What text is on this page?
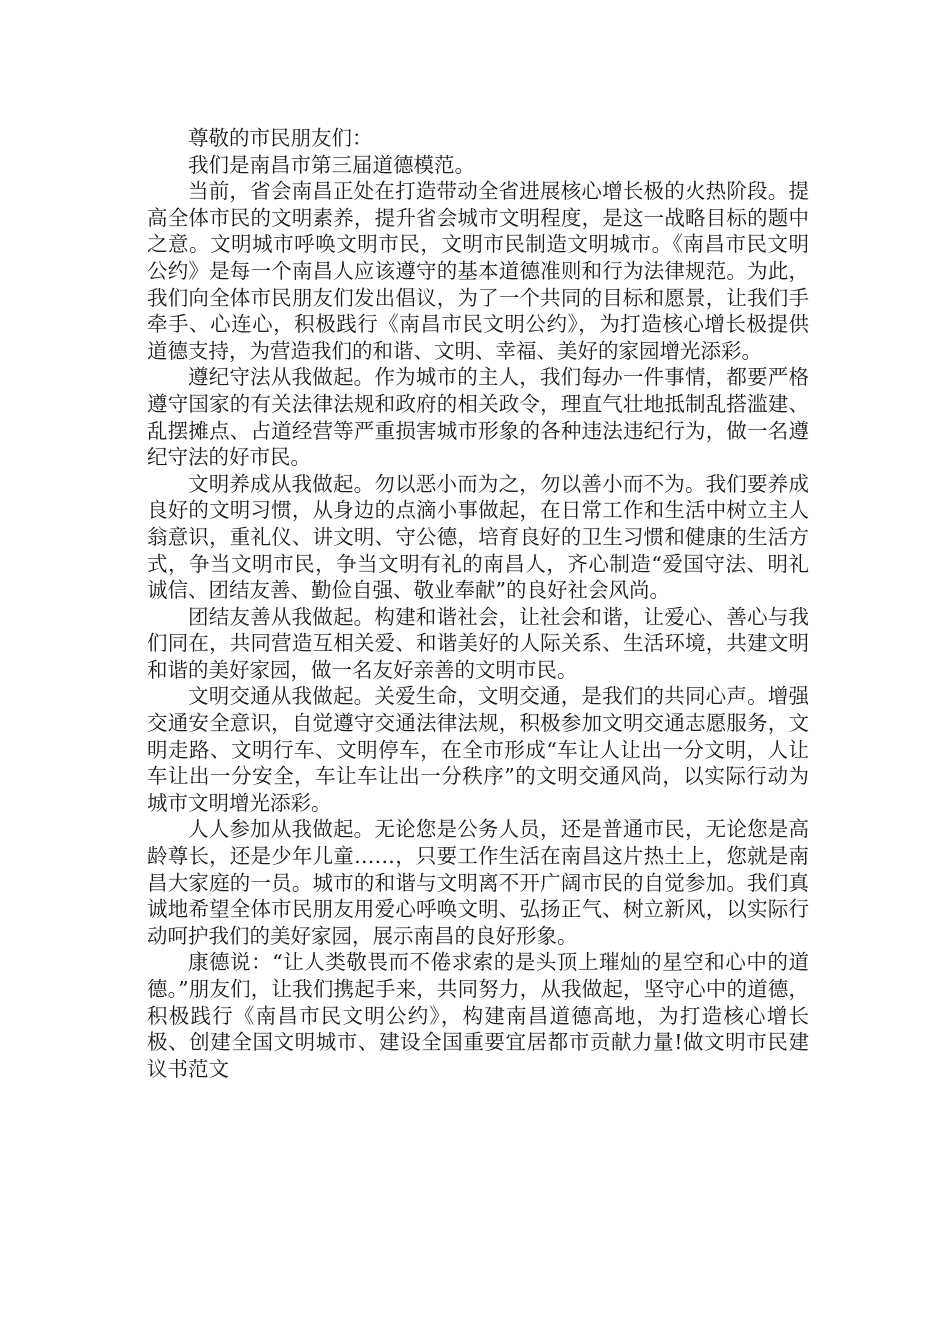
尊敬的市民朋友们：

我们是南昌市第三届道德模范。

当前，省会南昌正处在打造带动全省进展核心增长极的火热阶段。提高全体市民的文明素养，提升省会城市文明程度，是这一战略目标的题中之意。文明城市呼唤文明市民，文明市民制造文明城市。《南昌市民文明公约》是每一个南昌人应该遵守的基本道德准则和行为法律规范。为此，我们向全体市民朋友们发出倡议，为了一个共同的目标和愿景，让我们手牵手、心连心，积极践行《南昌市民文明公约》，为打造核心增长极提供道德支持，为营造我们的和谐、文明、幸福、美好的家园增光添彩。

遵纪守法从我做起。作为城市的主人，我们每办一件事情，都要严格遵守国家的有关法律法规和政府的相关政令，理直气壮地抵制乱搭滥建、乱摆摊点、占道经营等严重损害城市形象的各种违法违纪行为，做一名遵纪守法的好市民。

文明养成从我做起。勿以恶小而为之，勿以善小而不为。我们要养成良好的文明习惯，从身边的点滴小事做起，在日常工作和生活中树立主人翁意识，重礼仪、讲文明、守公德，培育良好的卫生习惯和健康的生活方式，争当文明市民，争当文明有礼的南昌人，齐心制造“爱国守法、明礼诚信、团结友善、勤俭自强、敬业奉献”的良好社会风尚。

团结友善从我做起。构建和谐社会，让社会和谐，让爱心、善心与我们同在，共同营造互相关爱、和谐美好的人际关系、生活环境，共建文明和谐的美好家园，做一名友好亲善的文明市民。

文明交通从我做起。关爱生命，文明交通，是我们的共同心声。增强交通安全意识，自觉遵守交通法律法规，积极参加文明交通志愿服务，文明走路、文明行车、文明停车，在全市形成“车让人让出一分文明，人让车让出一分安全，车让车让出一分秩序”的文明交通风尚，以实际行动为城市文明增光添彩。

人人参加从我做起。无论您是公务人员，还是普通市民，无论您是高龄尊长，还是少年儿童……，只要工作生活在南昌这片热土上，您就是南昌大家庭的一员。城市的和谐与文明离不开广阔市民的自觉参加。我们真诚地希望全体市民朋友用爱心呼唤文明、弘扬正气、树立新风，以实际行动呵护我们的美好家园，展示南昌的良好形象。

康德说：“让人类敬畏而不倦求索的是头顶上璀灿的星空和心中的道德。”朋友们，让我们携起手来，共同努力，从我做起，坚守心中的道德，积极践行《南昌市民文明公约》，构建南昌道德高地，为打造核心增长极、创建全国文明城市、建设全国重要宜居都市贡献力量!做文明市民建议书范文
